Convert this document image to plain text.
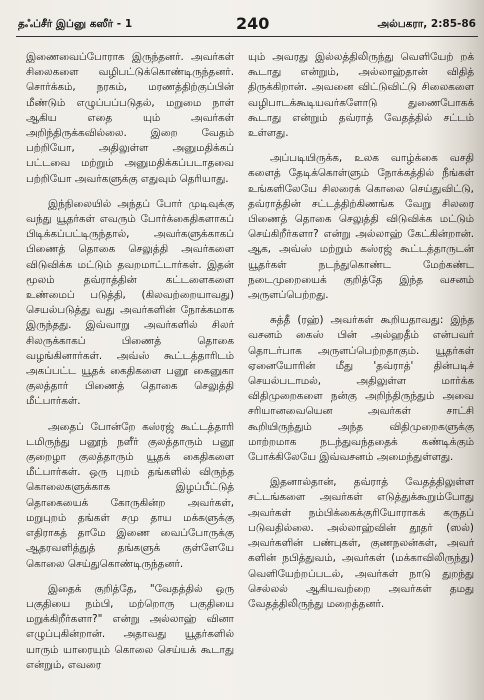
தஃப்சீர் இப்னு கஸீர் - 1	240	அல்பகரா, 2:85-86

இணைவைப்போராக இருந்தனர். அவர்கள் சிலைகளை வழிபட்டுக்கொண்டிருந்தனர். சொர்க்கம், நரகம், மரணத்திற்குப்பின் மீண்டும் எழுப்பப்படுதல், மறுமை நாள் ஆகிய எதை யும் அவர்கள் அறிந்திருக்கவில்லை. இறை வேதம் பற்றியோ, அதிலுள்ள அனுமதிக்கப் பட்டவை மற்றும் அனுமதிக்கப்படாதவை பற்றியோ அவர்களுக்கு எதுவும் தெரியாது.

இந்நிலையில் அந்தப் போர் முடிவுக்கு வந்து யூதர்கள் எவரும் போர்க்கைதிகளாகப் பிடிக்கப்பட்டிருந்தால், அவர்களுக்காகப் பிணைத் தொகை செலுத்தி அவர்களை விடுவிக்க மட்டும் தவறமாட்டார்கள். இதன் மூலம் தவ்ராத்தின் கட்டளைகளை உண்மைப் படுத்தி, (கிலவற்றையாவது) செயல்படுத்து வது அவர்களின் நோக்கமாக இருந்தது. இவ்வாறு அவர்களில் சிலர் சிலருக்காகப் பிணைத் தொகை வழங்கினார்கள். அவ்ஸ் கூட்டத்தாரிடம் அகப்பட்ட யூதக் கைதிகளை பனூ கைனுகா குலத்தார் பிணைத் தொகை செலுத்தி மீட்பார்கள்.

அதைப் போன்றே கஸ்ரஜ் கூட்டத்தாரி டமிருந்து பனூந் நளீர் குலத்தாரும் பனூ குறைழா குலத்தாரும் யூதக் கைதிகளை மீட்பார்கள். ஒரு புறம் தங்களில் விருந்த கொலைகளுக்காக இழப்பீட்டுத் தொகையைக் கோருகின்ற அவர்கள், மறுபுறம் தங்கள் சமு தாய மக்களுக்கு எதிராகத் தாமே இணை வைப்போருக்கு ஆதரவளித்துத் தங்களுக் குள்ளேயே கொலை செய்துகொண்டிருந்தனர்.

இதைக் குறித்தே, "வேதத்தில் ஒரு பகுதியை நம்பி, மற்றொரு பகுதியை மறுக்கிறீர்களா?" என்று அல்லாஹ் வினா எழுப்புகின்றான். அதாவது யூதர்களில் யாரும் யாரையும் கொலை செய்யக் கூடாது என்றும், எவரை

யும் அவரது இல்லத்திலிருந்து வெளியேற் றக் கூடாது என்றும், அல்லாஹ்தான் விதித் திருக்கிறான். அவனை விட்டுவிட்டு சிலைகளை வழிபாடக்கூடியவர்களோடு துணைபோகக் கூடாது என்றும் தவ்ராத் வேதத்தில் சட்டம் உள்ளது.

அப்படியிருக்க, உலக வாழ்க்கை வசதி களைத் தேடிக்கொள்ளும் நோக்கத்தில் நீங்கள் உங்களிலேயே சிலரைக் கொலை செய்துவிட்டு, தவ்ராத்தின் சட்டத்திற்கிணங்க வேறு சிலரை பிணைத் தொகை செலுத்தி விடுவிக்க மட்டும் செய்கிறீர்களா? என்று அல்லாஹ் கேட்கின்றான். ஆக, அவ்ஸ் மற்றும் கஸ்ரஜ் கூட்டத்தாருடன் யூதர்கள் நடந்துகொண்ட மேற்கண்ட நடைமுறையைக் குறித்தே இந்த வசனம் அருளப்பெற்றது.

சுத்தீ (ரஹ்) அவர்கள் கூறியதாவது: இந்த வசனம் கைஸ் பின் அல்ஹதீம் என்பவர் தொடர்பாக அருளப்பெற்றதாகும். யூதர்கள் ஏனையோரின் மீது 'தவ்ராத்' தின்படிச் செயல்படாமல், அதிலுள்ள மார்க்க விதிமுறைகளை நன்கு அறிந்திருந்தும் அவை சரியானவையென அவர்கள் சாட்சி கூறியிருந்தும் அந்த விதிமுறைகளுக்கு மாற்றமாக நடந்துவந்ததைக் கண்டிக்கும் போக்கிலேயே இவ்வசனம் அமைந்துள்ளது.

இதனால்தான், தவ்ராத் வேதத்திலுள்ள சட்டங்களை அவர்கள் எடுத்துக்கூறும்போது அவர்கள் நம்பிக்கைக்குரியோராகக் கருதப் படுவதில்லை. அல்லாஹ்வின் தூதர் (ஸல்) அவர்களின் பண்புகள், குணநலன்கள், அவர் களின் நபித்துவம், அவர்கள் (மக்காவிலிருந்து) வெளியேற்றப்படல், அவர்கள் நாடு துறந்து செல்லல் ஆகியவற்றை அவர்கள் தமது வேதத்திலிருந்து மறைத்தனர்.
